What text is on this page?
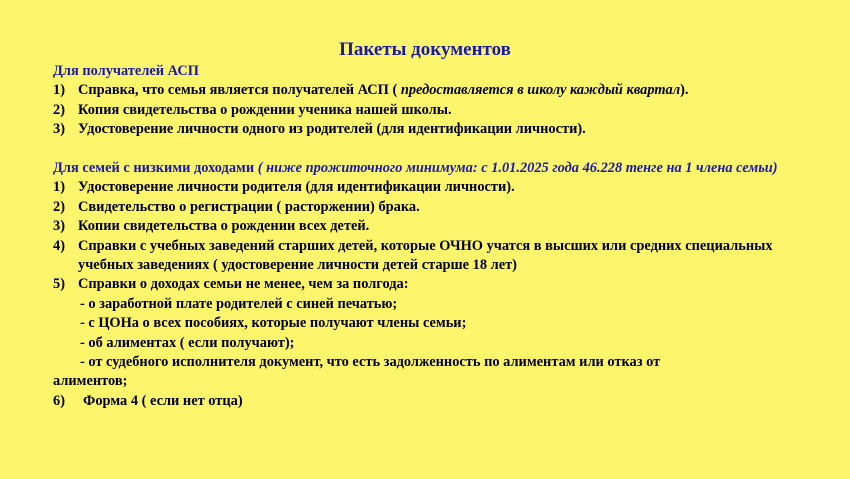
Пакеты документов
Для получателей АСП
1) Справка, что семья является получателей АСП ( предоставляется в школу каждый квартал).
2) Копия свидетельства о рождении ученика нашей школы.
3) Удостоверение личности одного из родителей (для идентификации личности).
Для семей с низкими доходами ( ниже прожиточного минимума: с 1.01.2025 года 46.228 тенге на 1 члена семьи)
1) Удостоверение личности родителя (для идентификации личности).
2) Свидетельство о регистрации ( расторжении) брака.
3) Копии свидетельства о рождении всех детей.
4) Справки с учебных заведений старших детей, которые ОЧНО учатся в высших или средних специальных учебных заведениях ( удостоверение личности детей старше 18 лет)
5) Справки о доходах семьи не менее, чем за полгода:
- о заработной плате родителей с синей печатью;
- с ЦОНа о всех пособиях, которые получают члены семьи;
- об алиментах ( если получают);
- от судебного исполнителя документ, что есть задолженность по алиментам или отказ от
алиментов;
6)	Форма 4 ( если нет отца)
